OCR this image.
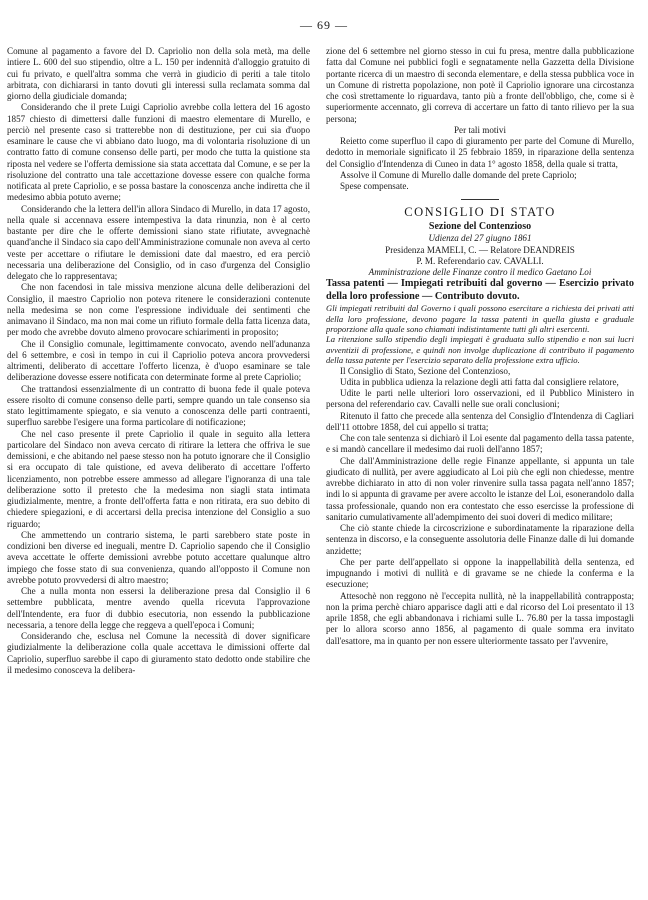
— 69 —

Comune al pagamento a favore del D. Capriolio non della sola metà, ma delle intiere L. 600 del suo stipendio, oltre a L. 150 per indennità d'alloggio gratuito di cui fu privato, e quell'altra somma che verrà in giudicio di periti a tale titolo arbitrata, con dichiararsi in tanto dovuti gli interessi sulla reclamata somma dal giorno della giudiciale domanda;

Considerando che il prete Luigi Capriolio avrebbe colla lettera del 16 agosto 1857 chiesto di dimettersi dalle funzioni di maestro elementare di Murello, e perciò nel presente caso si tratterebbe non di destituzione, per cui sia d'uopo esaminare le cause che vi abbiano dato luogo, ma di volontaria risoluzione di un contratto fatto di comune consenso delle parti, per modo che tutta la quistione sta riposta nel vedere se l'offerta demissione sia stata accettata dal Comune, e se per la risoluzione del contratto una tale accettazione dovesse essere con qualche forma notificata al prete Capriolio, e se possa bastare la conoscenza anche indiretta che il medesimo abbia potuto averne;

Considerando che la lettera dell'in allora Sindaco di Murello, in data 17 agosto, nella quale si accennava essere intempestiva la data rinunzia, non è al certo bastante per dire che le offerte demissioni siano state rifiutate, avvegnachè quand'anche il Sindaco sia capo dell'Amministrazione comunale non aveva al certo veste per accettare o rifiutare le demissioni date dal maestro, ed era perciò necessaria una deliberazione del Consiglio, od in caso d'urgenza del Consiglio delegato che lo rappresentava;

Che non facendosi in tale missiva menzione alcuna delle deliberazioni del Consiglio, il maestro Capriolio non poteva ritenere le considerazioni contenute nella medesima se non come l'espressione individuale dei sentimenti che animavano il Sindaco, ma non mai come un rifiuto formale della fatta licenza data, per modo che avrebbe dovuto almeno provocare schiarimenti in proposito;

Che il Consiglio comunale, legittimamente convocato, avendo nell'adunanza del 6 settembre, e così in tempo in cui il Capriolio poteva ancora provvedersi altrimenti, deliberato di accettare l'offerto licenza, è d'uopo esaminare se tale deliberazione dovesse essere notificata con determinate forme al prete Capriolio;

Che trattandosi essenzialmente di un contratto di buona fede il quale poteva essere risolto di comune consenso delle parti, sempre quando un tale consenso sia stato legittimamente spiegato, e sia venuto a conoscenza delle parti contraenti, superfluo sarebbe l'esigere una forma particolare di notificazione;

Che nel caso presente il prete Capriolio il quale in seguito alla lettera particolare del Sindaco non aveva cercato di ritirare la lettera che offriva le sue demissioni, e che abitando nel paese stesso non ha potuto ignorare che il Consiglio si era occupato di tale quistione, ed aveva deliberato di accettare l'offerto licenziamento, non potrebbe essere ammesso ad allegare l'ignoranza di una tale deliberazione sotto il pretesto che la medesima non siagli stata intimata giudizialmente, mentre, a fronte dell'offerta fatta e non ritirata, era suo debito di chiedere spiegazioni, e di accertarsi della precisa intenzione del Consiglio a suo riguardo;

Che ammettendo un contrario sistema, le parti sarebbero state poste in condizioni ben diverse ed ineguali, mentre D. Capriolio sapendo che il Consiglio aveva accettate le offerte demissioni avrebbe potuto accettare qualunque altro impiego che fosse stato di sua convenienza, quando all'opposto il Comune non avrebbe potuto provvedersi di altro maestro;

Che a nulla monta non essersi la deliberazione presa dal Consiglio il 6 settembre pubblicata, mentre avendo quella ricevuta l'approvazione dell'Intendente, era fuor di dubbio esecutoria, non essendo la pubblicazione necessaria, a tenore della legge che reggeva a quell'epoca i Comuni;

Considerando che, esclusa nel Comune la necessità di dover significare giudizialmente la deliberazione colla quale accettava le dimissioni offerte dal Capriolio, superfluo sarebbe il capo di giuramento stato dedotto onde stabilire che il medesimo conosceva la delibera-

zione del 6 settembre nel giorno stesso in cui fu presa, mentre dalla pubblicazione fatta dal Comune nei pubblici fogli e segnatamente nella Gazzetta della Divisione portante ricerca di un maestro di seconda elementare, e della stessa pubblica voce in un Comune di ristretta popolazione, non potè il Capriolio ignorare una circostanza che così strettamente lo riguardava, tanto più a fronte dell'obbligo, che, come si è superiormente accennato, gli correva di accertare un fatto di tanto rilievo per la sua persona;

Per tali motivi

Reietto come superfluo il capo di giuramento per parte del Comune di Murello, dedotto in memoriale significato il 25 febbraio 1859, in riparazione della sentenza del Consiglio d'Intendenza di Cuneo in data 1° agosto 1858, della quale si tratta,

Assolve il Comune di Murello dalle domande del prete Capriolo;

Spese compensate.

CONSIGLIO DI STATO

Sezione del Contenzioso

Udienza del 27 giugno 1861

Presidenza MAMELI, C. — Relatore DEANDREIS

P. M. Referendario cav. CAVALLI.

Amministrazione delle Finanze contro il medico Gaetano Loi

Tassa patenti — Impiegati retribuiti dal governo — Esercizio privato della loro professione — Contributo dovuto.

Gli impiegati retribuiti dal Governo i quali possono esercitare a richiesta dei privati atti della loro professione, devono pagare la tassa patenti in quella giusta e graduale proporzione alla quale sono chiamati indistintamente tutti gli altri esercenti.

La ritenzione sullo stipendio degli impiegati è graduata sullo stipendio e non sui lucri avventizii di professione, e quindi non involge duplicazione di contributo il pagamento della tassa patente per l'esercizio separato della professione extra ufficio.

Il Consiglio di Stato, Sezione del Contenzioso,

Udita in pubblica udienza la relazione degli atti fatta dal consigliere relatore,

Udite le parti nelle ulteriori loro osservazioni, ed il Pubblico Ministero in persona del referendario cav. Cavalli nelle sue orali conclusioni;

Ritenuto il fatto che precede alla sentenza del Consiglio d'Intendenza di Cagliari dell'11 ottobre 1858, del cui appello si tratta;

Che con tale sentenza si dichiarò il Loi esente dal pagamento della tassa patente, e si mandò cancellare il medesimo dai ruoli dell'anno 1857;

Che dall'Amministrazione delle regie Finanze appellante, si appunta un tale giudicato di nullità, per avere aggiudicato al Loi più che egli non chiedesse, mentre avrebbe dichiarato in atto di non voler rinvenire sulla tassa pagata nell'anno 1857; indi lo si appunta di gravame per avere accolto le istanze del Loi, esonerandolo dalla tassa professionale, quando non era contestato che esso esercisse la professione di sanitario cumulativamente all'adempimento dei suoi doveri di medico militare;

Che ciò stante chiede la circoscrizione e subordinatamente la riparazione della sentenza in discorso, e la conseguente assolutoria delle Finanze dalle di lui domande anzidette;

Che per parte dell'appellato si oppone la inappellabilità della sentenza, ed impugnando i motivi di nullità e di gravame se ne chiede la conferma e la esecuzione;

Attesochè non reggono nè l'eccepita nullità, nè la inappellabilità contrapposta; non la prima perchè chiaro apparisce dagli atti e dal ricorso del Loi presentato il 13 aprile 1858, che egli abbandonava i richiami sulle L. 76.80 per la tassa impostagli per lo allora scorso anno 1856, al pagamento di quale somma era invitato dall'esattore, ma in quanto per non essere ulteriormente tassato per l'avvenire,
